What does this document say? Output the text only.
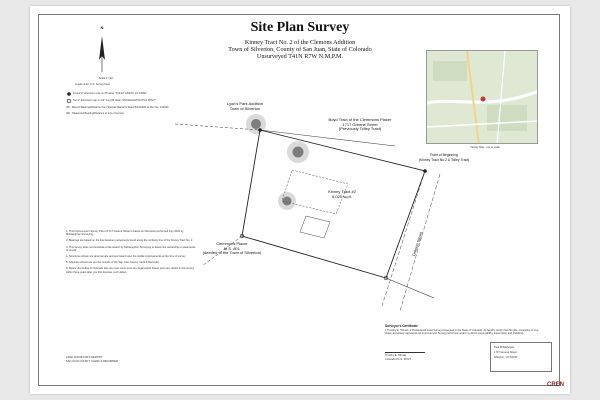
Site Plan Survey
Kinney Tract No. 2 of the Clemons Addition
Town of Silverton, County of San Juan, State of Colorado
Unsurveyed T41N R7W N.M.P.M.
N
Scale 1"=10'
Lineal Units: U.S. Survey Feet
Found 2" aluminum cap on #5 rebar "FOLEY ASSOC LS 24950"
Set 2" aluminum cap on 18" long #5 rebar "MCNAUGHTON PLS 38727"
(R) - Record Bearing/Distance from Special Warranty Deed 8/14/2023 at Rec No. 144946
(M) - Measured Bearing/Distance at time of survey
Lyon's Park Addition
Town of Silverton
Boyd Tract of the Clemmons Placer
1717 Greene Street
(Previously Tolley Tract)
Kinney Tract #2
6,020 sq.ft.
Clemmons Placer
M.S. 801
(deeded to the Town of Silverton)
Point of Beginning
(Kinney Tract No.2 & Tolley Tract)
Greene Street

1. This Improvement Survey Plat of 1717 Greene Street is based on field work performed July 2023 by McNaughton Surveying.

2. Bearings are based on the line between monuments found along the northerly line of the Kinney Tract No. 2.

3. This survey does not constitute a title search by McNaughton Surveying to determine ownership or easements of record.

4. Structures shown are approximate and are based upon the visible improvements at the time of survey.

5. Adjoiners shown are per the records of the San Juan County Clerk & Recorder.

6. Notice: According to Colorado law you must commence any legal action based upon any defect in this survey within three years after you first discover such defect.

Vicinity Map - not to scale
Surveyor's Certificate
I, Timothy E. Tillman, a Professional Land Surveyor licensed in the State of Colorado, do hereby certify that this plat, consisting of one sheet, accurately represents an Improvement Survey performed under my direct responsibility, supervision and checking.
Timothy E. Tillman
Colorado P.L.S. 38727
LAND SURVEYOR'S DEPOSIT
SAN JUAN COUNTY CLERK & RECORDER
Paul McMahogan
1717 Greene Street
Silverton, CO 81433
CREN
